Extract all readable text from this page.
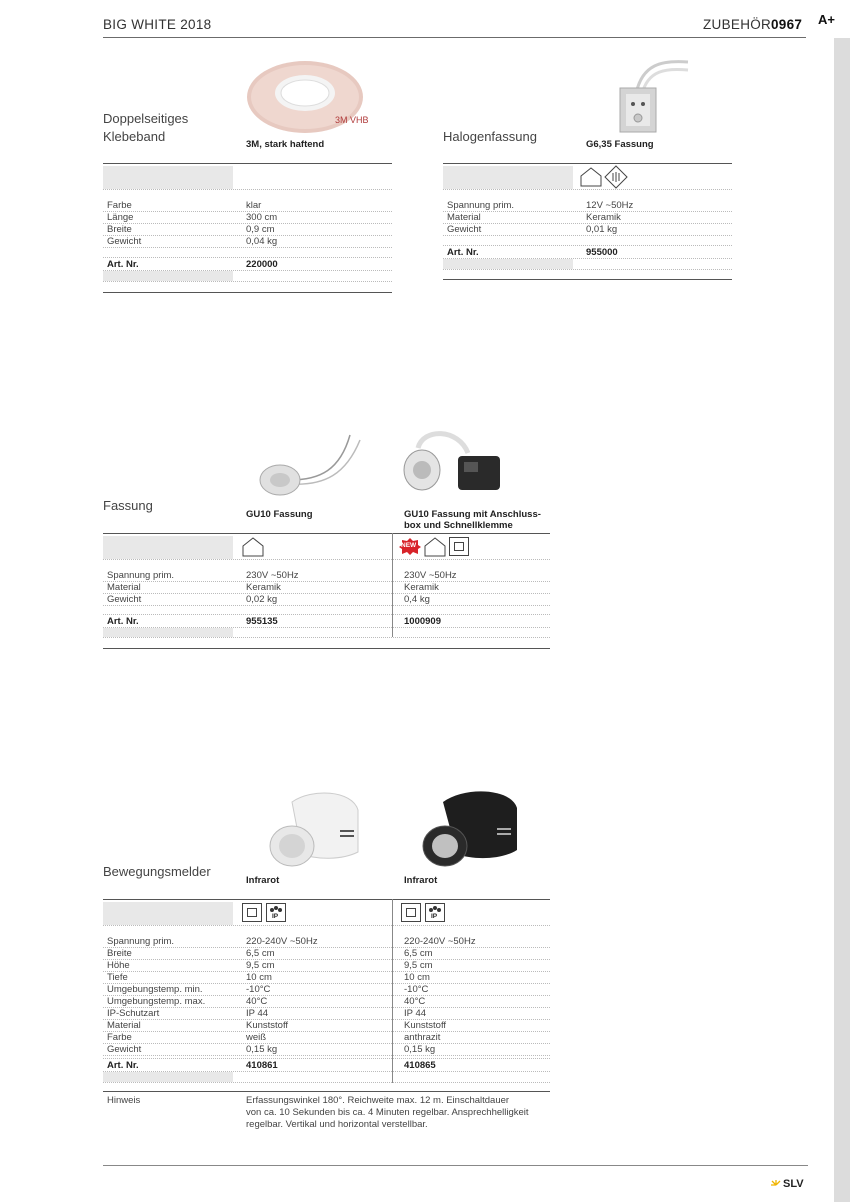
BIG WHITE 2018	ZUBEHÖR 0967 A+
3M VHB
Doppelseitiges
Klebeband
3M, stark haftend
Farbe	klar
Länge	300 cm
Breite	0,9 cm
Gewicht	0,04 kg
Art. Nr.	220000
Halogenfassung
G6,35 Fassung
Spannung prim.	12V ~50Hz
Material	Keramik
Gewicht	0,01 kg
Art. Nr.	955000
Fassung
GU10 Fassung	GU10 Fassung mit Anschluss-
box und Schnellklemme
NEW
Spannung prim.	230V ~50Hz	230V ~50Hz
Material	Keramik	Keramik
Gewicht	0,02 kg	0,4 kg
Art. Nr.	955135	1000909
Bewegungsmelder
Infrarot	Infrarot
IP	IP
Spannung prim.	220-240V ~50Hz	220-240V ~50Hz
Breite	6,5 cm	6,5 cm
Höhe	9,5 cm	9,5 cm
Tiefe	10 cm	10 cm
Umgebungstemp. min.	-10°C	-10°C
Umgebungstemp. max.	40°C	40°C
IP-Schutzart	IP 44	IP 44
Material	Kunststoff	Kunststoff
Farbe	weiß	anthrazit
Gewicht	0,15 kg	0,15 kg
Art. Nr.	410861	410865
Hinweis	Erfassungswinkel 180°. Reichweite max. 12 m. Einschaltdauer
von ca. 10 Sekunden bis ca. 4 Minuten regelbar. Ansprechhelligkeit
regelbar. Vertikal und horizontal verstellbar.
SLV
